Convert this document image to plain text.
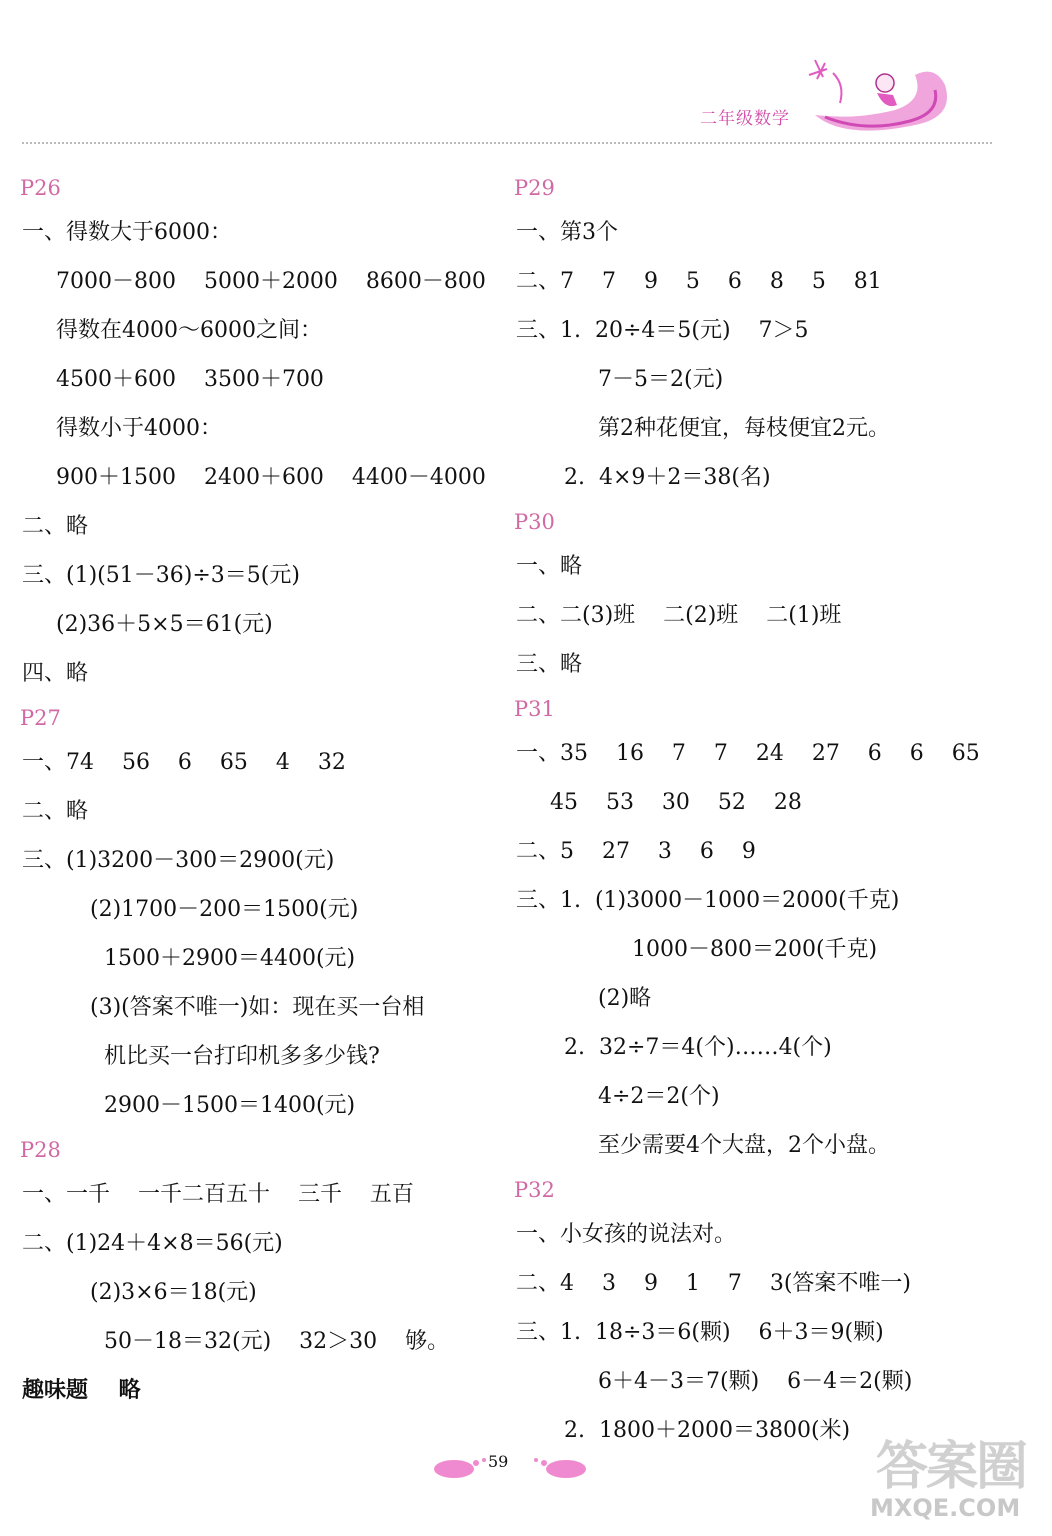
二年级数学
P26
一、得数大于6000：
7000－800    5000＋2000    8600－800
得数在4000～6000之间：
4500＋600    3500＋700
得数小于4000：
900＋1500    2400＋600    4400－4000
二、略
三、(1)(51－36)÷3＝5(元)
(2)36＋5×5＝61(元)
四、略
P27
一、74    56    6    65    4    32
二、略
三、(1)3200－300＝2900(元)
(2)1700－200＝1500(元)
1500＋2900＝4400(元)
(3)(答案不唯一)如：现在买一台相
机比买一台打印机多多少钱?
2900－1500＝1400(元)
P28
一、一千    一千二百五十    三千    五百
二、(1)24＋4×8＝56(元)
(2)3×6＝18(元)
50－18＝32(元)    32＞30    够。
趣味题    略
P29
一、第3个
二、7    7    9    5    6    8    5    81
三、1.  20÷4＝5(元)    7＞5
7－5＝2(元)
第2种花便宜，每枝便宜2元。
2.  4×9＋2＝38(名)
P30
一、略
二、二(3)班    二(2)班    二(1)班
三、略
P31
一、35    16    7    7    24    27    6    6    65
45    53    30    52    28
二、5    27    3    6    9
三、1.  (1)3000－1000＝2000(千克)
1000－800＝200(千克)
(2)略
2.  32÷7＝4(个)……4(个)
4÷2＝2(个)
至少需要4个大盘，2个小盘。
P32
一、小女孩的说法对。
二、4    3    9    1    7    3(答案不唯一)
三、1.  18÷3＝6(颗)    6＋3＝9(颗)
6＋4－3＝7(颗)    6－4＝2(颗)
2.  1800＋2000＝3800(米)
59	答案圈
MXQE.COM
